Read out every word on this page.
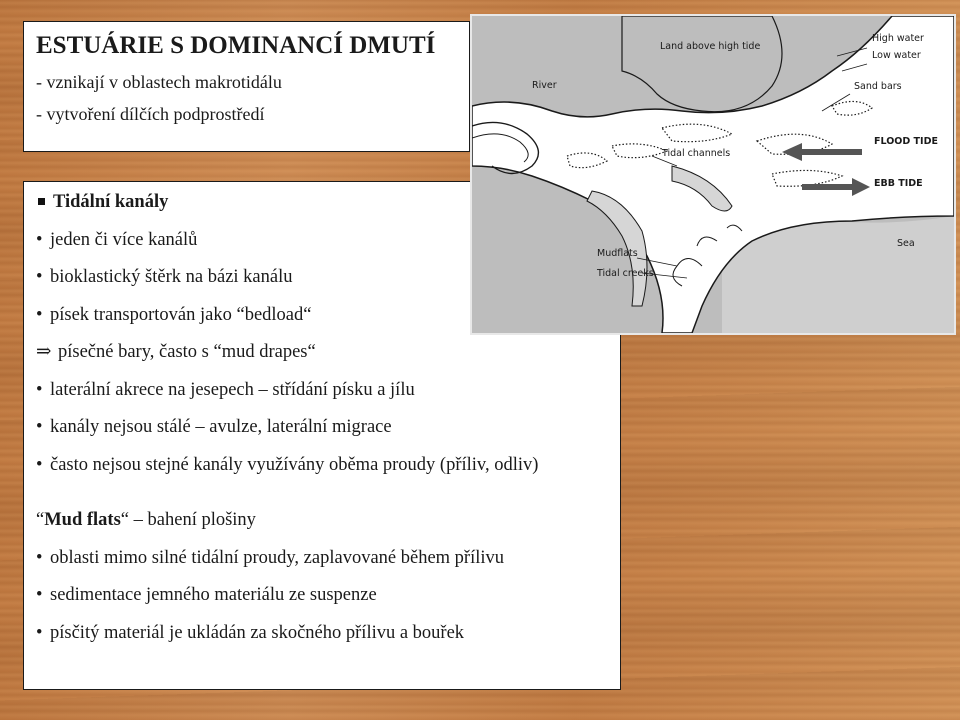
ESTUÁRIE S DOMINANCÍ DMUTÍ

- vznikají v oblastech makrotidálu

- vytvoření dílčích podprostředí

Tidální kanály
• jeden či více kanálů
• bioklastický štěrk na bázi kanálu
• písek transportován jako “bedload“
⇒ písečné bary, často s “mud drapes“
• laterální akrece na jesepech – střídání písku a jílu
• kanály nejsou stálé – avulze, laterální migrace
• často nejsou stejné kanály využívány oběma proudy (příliv, odliv)
“Mud flats“ – bahení plošiny
• oblasti mimo silné tidální proudy, zaplavované během přílivu
• sedimentace jemného materiálu ze suspenze
• písčitý materiál je ukládán za skočného přílivu a bouřek
Land above high tide
River
High water
Low water
Sand bars
FLOOD TIDE
EBB TIDE
Tidal channels
Mudflats
Tidal creeks
Sea
